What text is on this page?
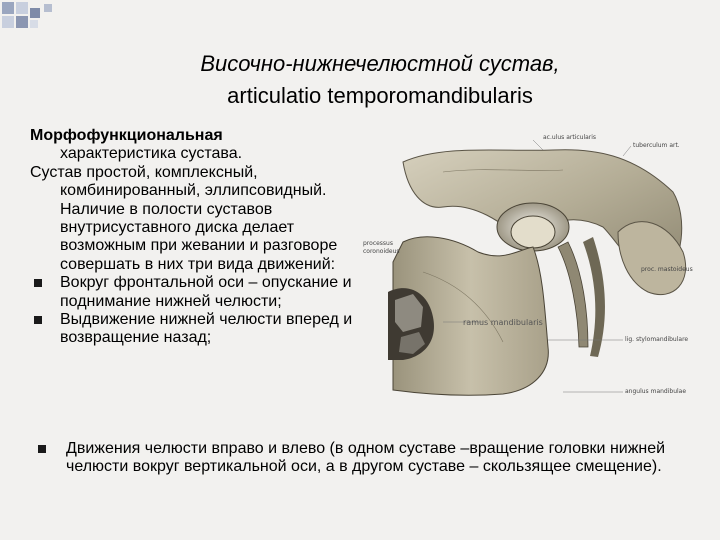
Височно-нижнечелюстной сустав,
articulatio temporomandibularis

Морфофункциональная
характеристика сустава.

Сустав простой, комплексный, комбинированный, эллипсовидный. Наличие в полости суставов внутрисуставного диска делает возможным при жевании и разговоре совершать в них три вида движений:

Вокруг фронтальной оси – опускание и поднимание нижней челюсти;
Выдвижение нижней челюсти вперед и возвращение назад;
Движения челюсти вправо и влево (в одном суставе –вращение головки нижней челюсти вокруг вертикальной оси, а в другом суставе – скользящее смещение).
ac.ulus articularis
tuberculum art.
processus
coronoideus
ramus mandibularis
lig. stylomandibulare
angulus mandibulae
proc. mastoideus
